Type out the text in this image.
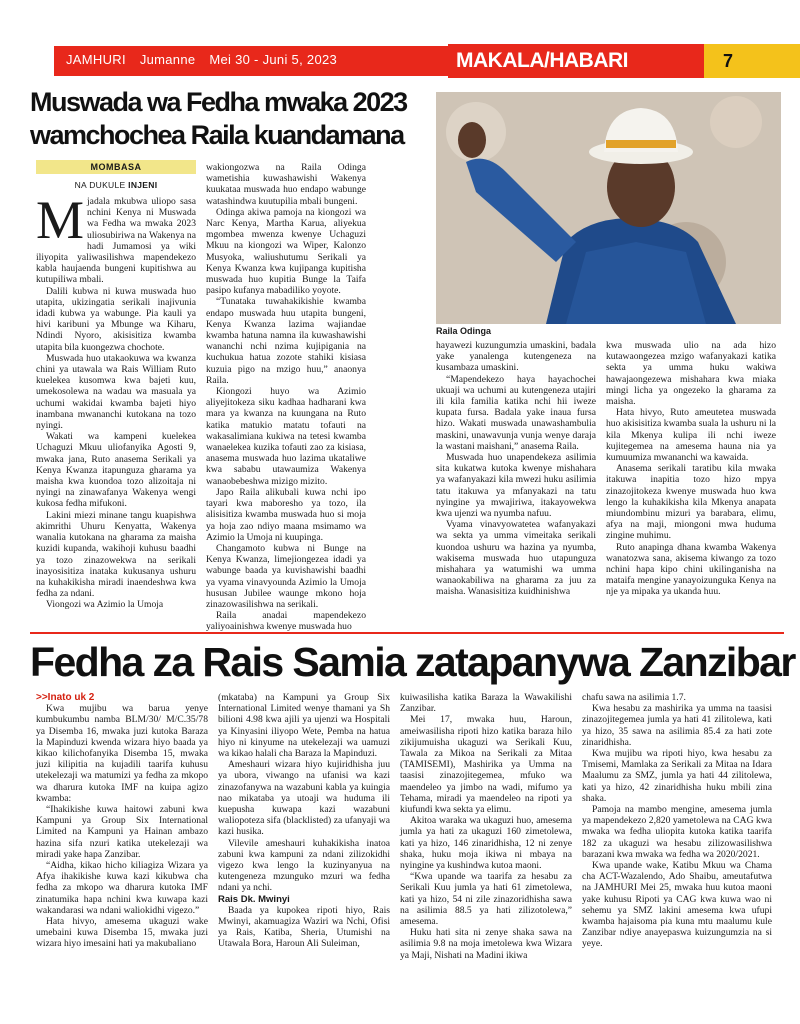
JAMHURI Jumanne Mei 30 - Juni 5, 2023	MAKALA/HABARI	7
Muswada wa Fedha mwaka 2023
wamchochea Raila kuandamana
MOMBASA
NA DUKULE INJENI

Mjadala mkubwa uliopo sasa nchini Kenya ni Muswada wa Fedha wa mwaka 2023 uliosubiriwa na Wakenya na hadi Jumamosi ya wiki iliyopita yaliwasilishwa mapendekezo kabla haujaenda bungeni kupitishwa au kutupiliwa mbali.

Dalili kubwa ni kuwa muswada huo utapita, ukizingatia serikali inajivunia idadi kubwa ya wabunge. Pia kauli ya hivi karibuni ya Mbunge wa Kiharu, Ndindi Nyoro, akisisitiza kwamba utapita bila kuongezwa chochote.

Muswada huo utakaokuwa wa kwanza chini ya utawala wa Rais William Ruto kuelekea kusomwa kwa bajeti kuu, umekosolewa na wadau wa masuala ya uchumi wakidai kwamba bajeti hiyo inambana mwananchi kutokana na tozo nyingi.

Wakati wa kampeni kuelekea Uchaguzi Mkuu uliofanyika Agosti 9, mwaka jana, Ruto anasema Serikali ya Kenya Kwanza itapunguza gharama ya maisha kwa kuondoa tozo alizoitaja ni nyingi na zinawafanya Wakenya wengi kukosa fedha mifukoni.

Lakini miezi minane tangu kuapishwa akimrithi Uhuru Kenyatta, Wakenya wanalia kutokana na gharama za maisha kuzidi kupanda, wakihoji kuhusu baadhi ya tozo zinazowekwa na serikali inayosisitiza inataka kukusanya ushuru na kuhakikisha miradi inaendeshwa kwa fedha za ndani.

Viongozi wa Azimio la Umoja

wakiongozwa na Raila Odinga wametishia kuwashawishi Wakenya kuukataa muswada huo endapo wabunge watashindwa kuutupilia mbali bungeni.

Odinga akiwa pamoja na kiongozi wa Narc Kenya, Martha Karua, aliyekua mgombea mwenza kwenye Uchaguzi Mkuu na kiongozi wa Wiper, Kalonzo Musyoka, waliushutumu Serikali ya Kenya Kwanza kwa kujipanga kupitisha muswada huo kupitia Bunge la Taifa pasipo kufanya mabadiliko yoyote.

“Tunataka tuwahakikishie kwamba endapo muswada huu utapita bungeni, Kenya Kwanza lazima wajiandae kwamba hatuna namna ila kuwashawishi wananchi nchi nzima kujipigania na kuchukua hatua zozote stahiki kisiasa kuzuia pigo na mzigo huu,” anaonya Raila.

Kiongozi huyo wa Azimio aliyejitokeza siku kadhaa hadharani kwa mara ya kwanza na kuungana na Ruto katika matukio matatu tofauti na wakasalimiana kukiwa na tetesi kwamba wanaelekea kuzika tofauti zao za kisiasa, anasema muswada huo lazima ukataliwe kwa sababu utawaumiza Wakenya wanaobebeshwa mizigo mizito.

Japo Raila alikubali kuwa nchi ipo tayari kwa maboresho ya tozo, ila alisisitiza kwamba muswada huo si moja ya hoja zao ndiyo maana msimamo wa Azimio la Umoja ni kuupinga.

Changamoto kubwa ni Bunge na Kenya Kwanza, limejiongezea idadi ya wabunge baada ya kuvishawishi baadhi ya vyama vinavyounda Azimio la Umoja hususan Jubilee waunge mkono hoja zinazowasilishwa na serikali.

Raila anadai mapendekezo yaliyoainishwa kwenye muswada huo

Raila Odinga

hayawezi kuzungumzia umaskini, badala yake yanalenga kutengeneza na kusambaza umaskini.

“Mapendekezo haya hayachochei ukuaji wa uchumi au kutengeneza utajiri ili kila familia katika nchi hii iweze kupata fursa. Badala yake inaua fursa hizo. Wakati muswada unawashambulia maskini, unawavunja vunja wenye daraja la wastani maishani,” anasema Raila.

Muswada huo unapendekeza asilimia sita kukatwa kutoka kwenye mishahara ya wafanyakazi kila mwezi huku asilimia tatu itakuwa ya mfanyakazi na tatu nyingine ya mwajiriwa, itakayowekwa kwa ujenzi wa nyumba nafuu.

Vyama vinavyowatetea wafanyakazi wa sekta ya umma vimeitaka serikali kuondoa ushuru wa hazina ya nyumba, wakisema muswada huo utapunguza mishahara ya watumishi wa umma wanaokabiliwa na gharama za juu za maisha. Wanasisitiza kuidhinishwa

kwa muswada ulio na ada hizo kutawaongezea mzigo wafanyakazi katika sekta ya umma huku wakiwa hawajaongezewa mishahara kwa miaka mingi licha ya ongezeko la gharama za maisha.

Hata hivyo, Ruto ameutetea muswada huo akisisitiza kwamba suala la ushuru ni la kila Mkenya kulipa ili nchi iweze kujitegemea na amesema hauna nia ya kumuumiza mwananchi wa kawaida.

Anasema serikali taratibu kila mwaka itakuwa inapitia tozo hizo mpya zinazojitokeza kwenye muswada huo kwa lengo la kuhakikisha kila Mkenya anapata miundombinu mizuri ya barabara, elimu, afya na maji, miongoni mwa huduma zingine muhimu.

Ruto anapinga dhana kwamba Wakenya wanatozwa sana, akisema kiwango za tozo nchini hapa kipo chini ukilinganisha na mataifa mengine yanayoizunguka Kenya na nje ya mipaka ya ukanda huu.

Fedha za Rais Samia zatapanywa Zanzibar

>>Inato uk 2

Kwa mujibu wa barua yenye kumbukumbu namba BLM/30/ M/C.35/78 ya Disemba 16, mwaka juzi kutoka Baraza la Mapinduzi kwenda wizara hiyo baada ya kikao kilichofanyika Disemba 15, mwaka juzi kilipitia na kujadili taarifa kuhusu utekelezaji wa matumizi ya fedha za mkopo wa dharura kutoka IMF na kuipa agizo kwamba:

“Ihakikishe kuwa haitowi zabuni kwa Kampuni ya Group Six International Limited na Kampuni ya Hainan ambazo hazina sifa nzuri katika utekelezaji wa miradi yake hapa Zanzibar.

“Aidha, kikao hicho kiliagiza Wizara ya Afya ihakikishe kuwa kazi kikubwa cha fedha za mkopo wa dharura kutoka IMF zinatumika hapa nchini kwa kuwapa kazi wakandarasi wa ndani waliokidhi vigezo.”

Hata hivyo, amesema ukaguzi wake umebaini kuwa Disemba 15, mwaka juzi wizara hiyo imesaini hati ya makubaliano

(mkataba) na Kampuni ya Group Six International Limited wenye thamani ya Sh bilioni 4.98 kwa ajili ya ujenzi wa Hospitali ya Kinyasini iliyopo Wete, Pemba na hatua hiyo ni kinyume na utekelezaji wa uamuzi wa kikao halali cha Baraza la Mapinduzi.

Ameshauri wizara hiyo kujiridhisha juu ya ubora, viwango na ufanisi wa kazi zinazofanywa na wazabuni kabla ya kuingia nao mikataba ya utoaji wa huduma ili kuepusha kuwapa kazi wazabuni waliopoteza sifa (blacklisted) za ufanyaji wa kazi husika.

Vilevile ameshauri kuhakikisha inatoa zabuni kwa kampuni za ndani zilizokidhi vigezo kwa lengo la kuzinyanyua na kutengeneza mzunguko mzuri wa fedha ndani ya nchi.

Rais Dk. Mwinyi

Baada ya kupokea ripoti hiyo, Rais Mwinyi, akamuagiza Waziri wa Nchi, Ofisi ya Rais, Katiba, Sheria, Utumishi na Utawala Bora, Haroun Ali Suleiman,

kuiwasilisha katika Baraza la Wawakilishi Zanzibar.

Mei 17, mwaka huu, Haroun, ameiwasilisha ripoti hizo katika baraza hilo zikijumuisha ukaguzi wa Serikali Kuu, Tawala za Mikoa na Serikali za Mitaa (TAMISEMI), Mashirika ya Umma na taasisi zinazojitegemea, mfuko wa maendeleo ya jimbo na wadi, mifumo ya Tehama, miradi ya maendeleo na ripoti ya kiufundi kwa sekta ya elimu.

Akitoa waraka wa ukaguzi huo, amesema jumla ya hati za ukaguzi 160 zimetolewa, kati ya hizo, 146 zinaridhisha, 12 ni zenye shaka, huku moja ikiwa ni mbaya na nyingine ya kushindwa kutoa maoni.

“Kwa upande wa taarifa za hesabu za Serikali Kuu jumla ya hati 61 zimetolewa, kati ya hizo, 54 ni zile zinazoridhisha sawa na asilimia 88.5 ya hati zilizotolewa,” amesema.

Huku hati sita ni zenye shaka sawa na asilimia 9.8 na moja imetolewa kwa Wizara ya Maji, Nishati na Madini ikiwa

chafu sawa na asilimia 1.7.

Kwa hesabu za mashirika ya umma na taasisi zinazojitegemea jumla ya hati 41 zilitolewa, kati ya hizo, 35 sawa na asilimia 85.4 za hati zote zinaridhisha.

Kwa mujibu wa ripoti hiyo, kwa hesabu za Tmisemi, Mamlaka za Serikali za Mitaa na Idara Maalumu za SMZ, jumla ya hati 44 zilitolewa, kati ya hizo, 42 zinaridhisha huku mbili zina shaka.

Pamoja na mambo mengine, amesema jumla ya mapendekezo 2,820 yametolewa na CAG kwa mwaka wa fedha uliopita kutoka katika taarifa 182 za ukaguzi wa hesabu zilizowasilishwa barazani kwa mwaka wa fedha wa 2020/2021.

Kwa upande wake, Katibu Mkuu wa Chama cha ACT-Wazalendo, Ado Shaibu, ameutafutwa na JAMHURI Mei 25, mwaka huu kutoa maoni yake kuhusu Ripoti ya CAG kwa kuwa wao ni sehemu ya SMZ lakini amesema kwa ufupi kwamba hajaisoma pia kuna mtu maalumu kule Zanzibar ndiye anayepaswa kuizungumzia na si yeye.
